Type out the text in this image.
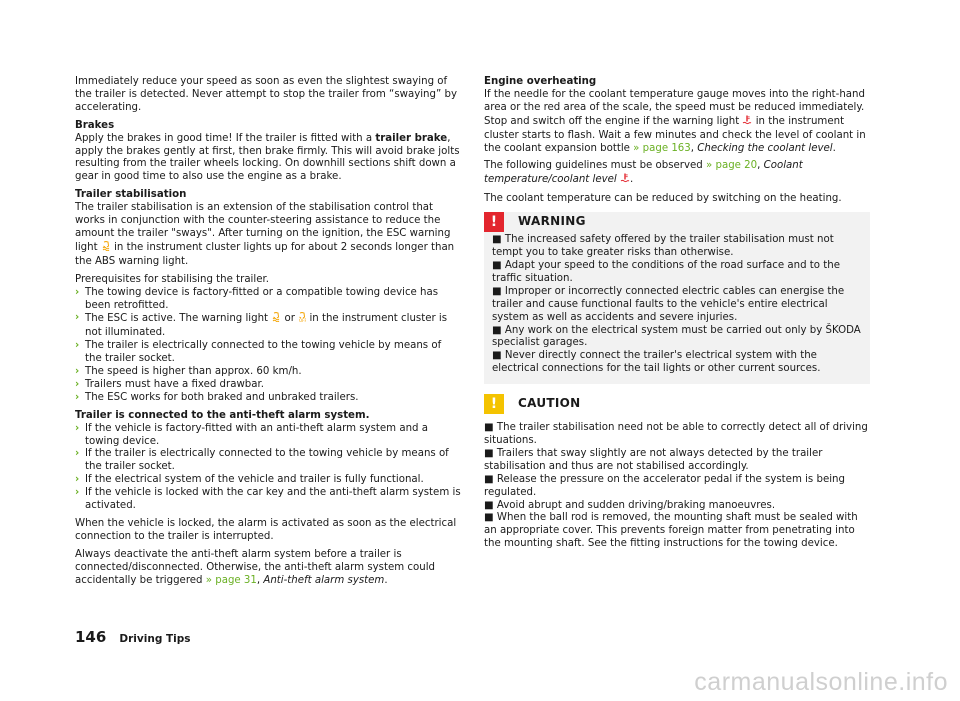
Immediately reduce your speed as soon as even the slightest swaying of the trailer is detected. Never attempt to stop the trailer from “swaying” by accelerating.

Brakes
Apply the brakes in good time! If the trailer is fitted with a trailer brake, apply the brakes gently at first, then brake firmly. This will avoid brake jolts resulting from the trailer wheels locking. On downhill sections shift down a gear in good time to also use the engine as a brake.

Trailer stabilisation
The trailer stabilisation is an extension of the stabilisation control that works in conjunction with the counter-steering assistance to reduce the amount the trailer "sways". After turning on the ignition, the ESC warning light  in the instrument cluster lights up for about 2 seconds longer than the ABS warning light.

Prerequisites for stabilising the trailer.

› The towing device is factory-fitted or a compatible towing device has been retrofitted.
› The ESC is active. The warning light  or OFF in the instrument cluster is not illuminated.
› The trailer is electrically connected to the towing vehicle by means of the trailer socket.
› The speed is higher than approx. 60 km/h.
› Trailers must have a fixed drawbar.
› The ESC works for both braked and unbraked trailers.
Trailer is connected to the anti-theft alarm system.
› If the vehicle is factory-fitted with an anti-theft alarm system and a towing device.
› If the trailer is electrically connected to the towing vehicle by means of the trailer socket.
› If the electrical system of the vehicle and trailer is fully functional.
› If the vehicle is locked with the car key and the anti-theft alarm system is activated.

When the vehicle is locked, the alarm is activated as soon as the electrical connection to the trailer is interrupted.

Always deactivate the anti-theft alarm system before a trailer is connected/disconnected. Otherwise, the anti-theft alarm system could accidentally be triggered » page 31, Anti-theft alarm system.

Engine overheating
If the needle for the coolant temperature gauge moves into the right-hand area or the red area of the scale, the speed must be reduced immediately. Stop and switch off the engine if the warning light  in the instrument cluster starts to flash. Wait a few minutes and check the level of coolant in the coolant expansion bottle » page 163, Checking the coolant level.

The following guidelines must be observed » page 20, Coolant temperature/coolant level .

The coolant temperature can be reduced by switching on the heating.

!	WARNING
■ The increased safety offered by the trailer stabilisation must not tempt you to take greater risks than otherwise.
■ Adapt your speed to the conditions of the road surface and to the traffic situation.
■ Improper or incorrectly connected electric cables can energise the trailer and cause functional faults to the vehicle's entire electrical system as well as accidents and severe injuries.
■ Any work on the electrical system must be carried out only by ŠKODA specialist garages.
■ Never directly connect the trailer's electrical system with the electrical connections for the tail lights or other current sources.
!	CAUTION
■ The trailer stabilisation need not be able to correctly detect all of driving situations.
■ Trailers that sway slightly are not always detected by the trailer stabilisation and thus are not stabilised accordingly.
■ Release the pressure on the accelerator pedal if the system is being regulated.
■ Avoid abrupt and sudden driving/braking manoeuvres.
■ When the ball rod is removed, the mounting shaft must be sealed with an appropriate cover. This prevents foreign matter from penetrating into the mounting shaft. See the fitting instructions for the towing device.
146 Driving Tips
carmanualsonline.info
